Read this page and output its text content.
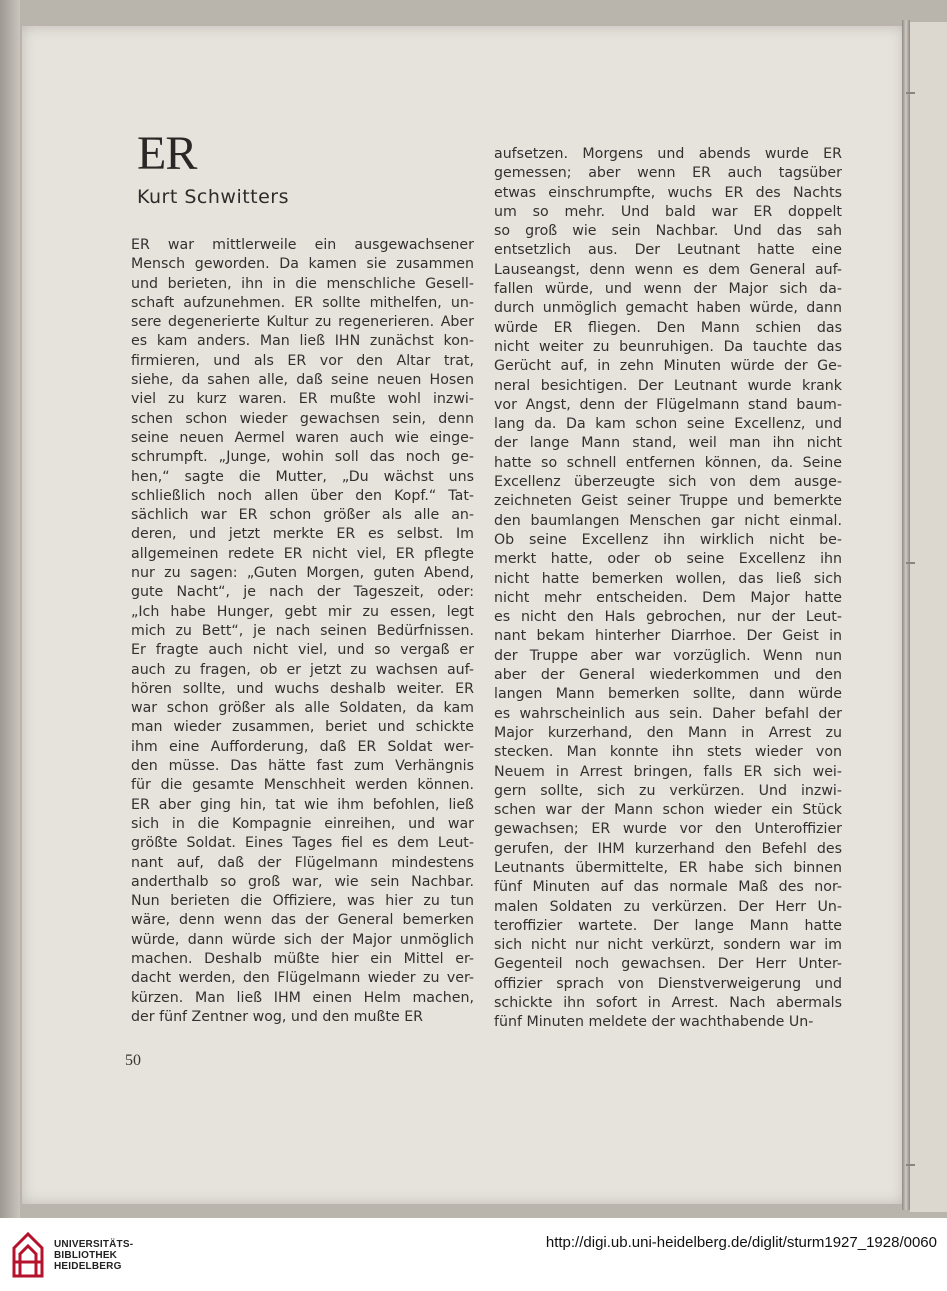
ER
Kurt Schwitters
ER war mittlerweile ein ausgewachsener
Mensch geworden. Da kamen sie zusammen
und berieten, ihn in die menschliche Gesell-
schaft aufzunehmen. ER sollte mithelfen, un-
sere degenerierte Kultur zu regenerieren. Aber
es kam anders. Man ließ IHN zunächst kon-
firmieren, und als ER vor den Altar trat,
siehe, da sahen alle, daß seine neuen Hosen
viel zu kurz waren. ER mußte wohl inzwi-
schen schon wieder gewachsen sein, denn
seine neuen Aermel waren auch wie einge-
schrumpft. „Junge, wohin soll das noch ge-
hen,“ sagte die Mutter, „Du wächst uns
schließlich noch allen über den Kopf.“ Tat-
sächlich war ER schon größer als alle an-
deren, und jetzt merkte ER es selbst. Im
allgemeinen redete ER nicht viel, ER pflegte
nur zu sagen: „Guten Morgen, guten Abend,
gute Nacht“, je nach der Tageszeit, oder:
„Ich habe Hunger, gebt mir zu essen, legt
mich zu Bett“, je nach seinen Bedürfnissen.
Er fragte auch nicht viel, und so vergaß er
auch zu fragen, ob er jetzt zu wachsen auf-
hören sollte, und wuchs deshalb weiter. ER
war schon größer als alle Soldaten, da kam
man wieder zusammen, beriet und schickte
ihm eine Aufforderung, daß ER Soldat wer-
den müsse. Das hätte fast zum Verhängnis
für die gesamte Menschheit werden können.
ER aber ging hin, tat wie ihm befohlen, ließ
sich in die Kompagnie einreihen, und war
größte Soldat. Eines Tages fiel es dem Leut-
nant auf, daß der Flügelmann mindestens
anderthalb so groß war, wie sein Nachbar.
Nun berieten die Offiziere, was hier zu tun
wäre, denn wenn das der General bemerken
würde, dann würde sich der Major unmöglich
machen. Deshalb müßte hier ein Mittel er-
dacht werden, den Flügelmann wieder zu ver-
kürzen. Man ließ IHM einen Helm machen,
der fünf Zentner wog, und den mußte ER
aufsetzen. Morgens und abends wurde ER
gemessen; aber wenn ER auch tagsüber
etwas einschrumpfte, wuchs ER des Nachts
um so mehr. Und bald war ER doppelt
so groß wie sein Nachbar. Und das sah
entsetzlich aus. Der Leutnant hatte eine
Lauseangst, denn wenn es dem General auf-
fallen würde, und wenn der Major sich da-
durch unmöglich gemacht haben würde, dann
würde ER fliegen. Den Mann schien das
nicht weiter zu beunruhigen. Da tauchte das
Gerücht auf, in zehn Minuten würde der Ge-
neral besichtigen. Der Leutnant wurde krank
vor Angst, denn der Flügelmann stand baum-
lang da. Da kam schon seine Excellenz, und
der lange Mann stand, weil man ihn nicht
hatte so schnell entfernen können, da. Seine
Excellenz überzeugte sich von dem ausge-
zeichneten Geist seiner Truppe und bemerkte
den baumlangen Menschen gar nicht einmal.
Ob seine Excellenz ihn wirklich nicht be-
merkt hatte, oder ob seine Excellenz ihn
nicht hatte bemerken wollen, das ließ sich
nicht mehr entscheiden. Dem Major hatte
es nicht den Hals gebrochen, nur der Leut-
nant bekam hinterher Diarrhoe. Der Geist in
der Truppe aber war vorzüglich. Wenn nun
aber der General wiederkommen und den
langen Mann bemerken sollte, dann würde
es wahrscheinlich aus sein. Daher befahl der
Major kurzerhand, den Mann in Arrest zu
stecken. Man konnte ihn stets wieder von
Neuem in Arrest bringen, falls ER sich wei-
gern sollte, sich zu verkürzen. Und inzwi-
schen war der Mann schon wieder ein Stück
gewachsen; ER wurde vor den Unteroffizier
gerufen, der IHM kurzerhand den Befehl des
Leutnants übermittelte, ER habe sich binnen
fünf Minuten auf das normale Maß des nor-
malen Soldaten zu verkürzen. Der Herr Un-
teroffizier wartete. Der lange Mann hatte
sich nicht nur nicht verkürzt, sondern war im
Gegenteil noch gewachsen. Der Herr Unter-
offizier sprach von Dienstverweigerung und
schickte ihn sofort in Arrest. Nach abermals
fünf Minuten meldete der wachthabende Un-
50
UNIVERSITÄTS-
BIBLIOTHEK
HEIDELBERG
http://digi.ub.uni-heidelberg.de/diglit/sturm1927_1928/0060
